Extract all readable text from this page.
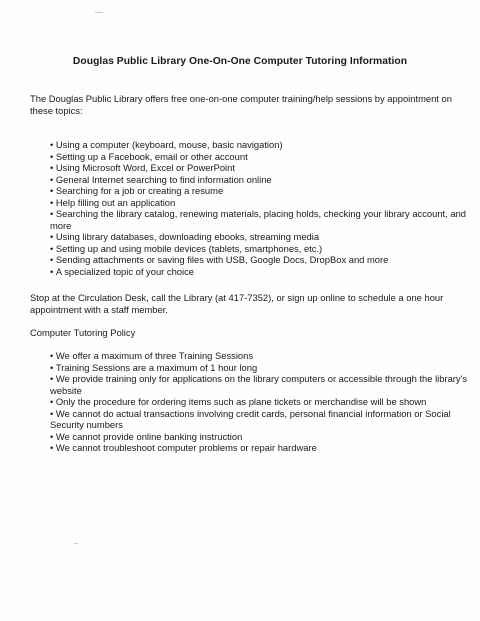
Douglas Public Library One-On-One Computer Tutoring Information

The Douglas Public Library offers free one-on-one computer training/help sessions by appointment on these topics:

• Using a computer (keyboard, mouse, basic navigation)
• Setting up a Facebook, email or other account
• Using Microsoft Word, Excel or PowerPoint
• General Internet searching to find information online
• Searching for a job or creating a resume
• Help filling out an application
• Searching the library catalog, renewing materials, placing holds, checking your library account, and more
• Using library databases, downloading ebooks, streaming media
• Setting up and using mobile devices (tablets, smartphones, etc.)
• Sending attachments or saving files with USB, Google Docs, DropBox and more
• A specialized topic of your choice

Stop at the Circulation Desk, call the Library (at 417-7352), or sign up online to schedule a one hour appointment with a staff member.

Computer Tutoring Policy

• We offer a maximum of three Training Sessions
• Training Sessions are a maximum of 1 hour long
• We provide training only for applications on the library computers or accessible through the library's website
• Only the procedure for ordering items such as plane tickets or merchandise will be shown
• We cannot do actual transactions involving credit cards, personal financial information or Social Security numbers
• We cannot provide online banking instruction
• We cannot troubleshoot computer problems or repair hardware
